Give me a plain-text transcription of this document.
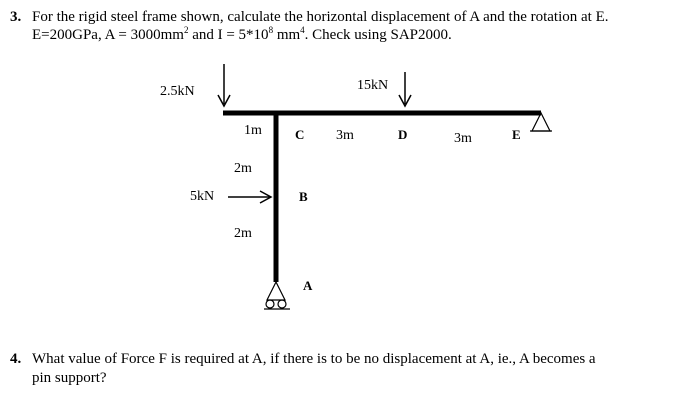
3. For the rigid steel frame shown, calculate the horizontal displacement of A and the rotation at E.
E=200GPa, $A = 3000mm^2$ and $I = 5*10^8$ $mm^4$. Check using SAP2000.
2.5kN	15kN
5kN
1m
2m
2m
3m	3m
C	D	E
B
A
4. What value of Force F is required at A, if there is to be no displacement at A, ie., A becomes a
pin support?
